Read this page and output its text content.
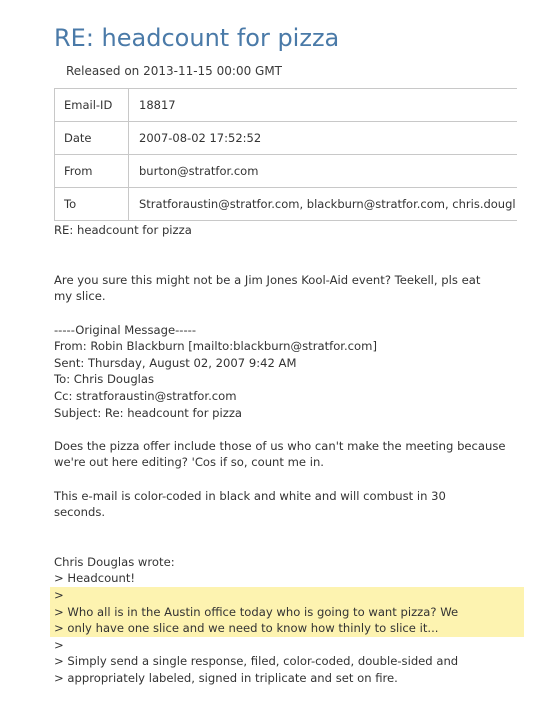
RE: headcount for pizza
Released on 2013-11-15 00:00 GMT
Email-ID	18817
Date	2007-08-02 17:52:52
From	burton@stratfor.com
To	Stratforaustin@stratfor.com, blackburn@stratfor.com, chris.dougl
RE: headcount for pizza
Are you sure this might not be a Jim Jones Kool-Aid event? Teekell, pls eat
my slice.
-----Original Message-----
From: Robin Blackburn [mailto:blackburn@stratfor.com]
Sent: Thursday, August 02, 2007 9:42 AM
To: Chris Douglas
Cc: stratforaustin@stratfor.com
Subject: Re: headcount for pizza
Does the pizza offer include those of us who can't make the meeting because
we're out here editing? 'Cos if so, count me in.
This e-mail is color-coded in black and white and will combust in 30
seconds.
Chris Douglas wrote:
> Headcount!
>
> Who all is in the Austin office today who is going to want pizza? We
> only have one slice and we need to know how thinly to slice it...
>
> Simply send a single response, filed, color-coded, double-sided and
> appropriately labeled, signed in triplicate and set on fire.
